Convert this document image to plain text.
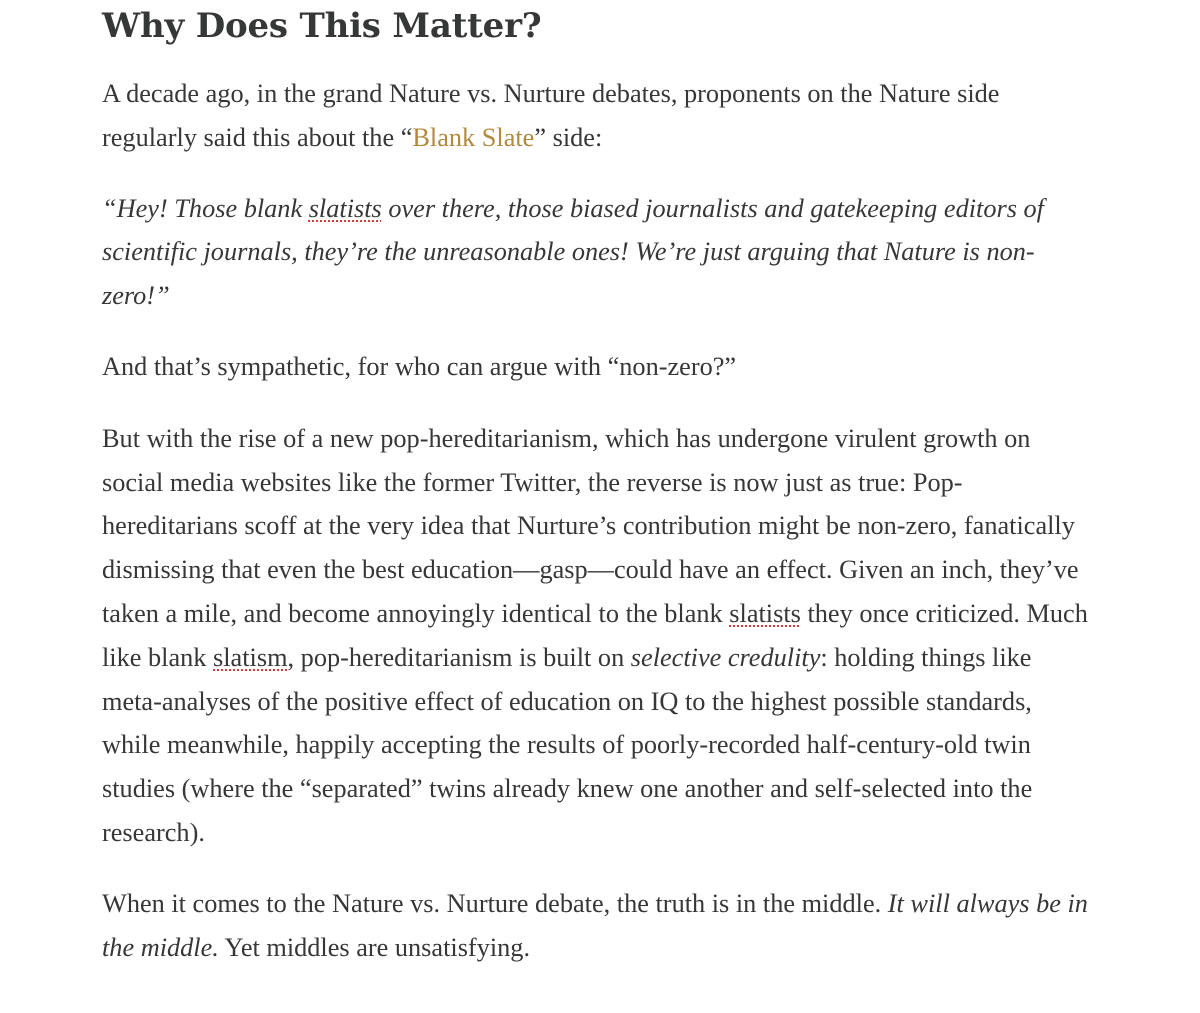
Why Does This Matter?

A decade ago, in the grand Nature vs. Nurture debates, proponents on the Nature side regularly said this about the “Blank Slate” side:

“Hey! Those blank slatists over there, those biased journalists and gatekeeping editors of scientific journals, they’re the unreasonable ones! We’re just arguing that Nature is non-zero!”

And that’s sympathetic, for who can argue with “non-zero?”

But with the rise of a new pop-hereditarianism, which has undergone virulent growth on social media websites like the former Twitter, the reverse is now just as true: Pop-hereditarians scoff at the very idea that Nurture’s contribution might be non-zero, fanatically dismissing that even the best education—gasp—could have an effect. Given an inch, they’ve taken a mile, and become annoyingly identical to the blank slatists they once criticized. Much like blank slatism, pop-hereditarianism is built on selective credulity: holding things like meta-analyses of the positive effect of education on IQ to the highest possible standards, while meanwhile, happily accepting the results of poorly-recorded half-century-old twin studies (where the “separated” twins already knew one another and self-selected into the research).

When it comes to the Nature vs. Nurture debate, the truth is in the middle. It will always be in the middle. Yet middles are unsatisfying.
